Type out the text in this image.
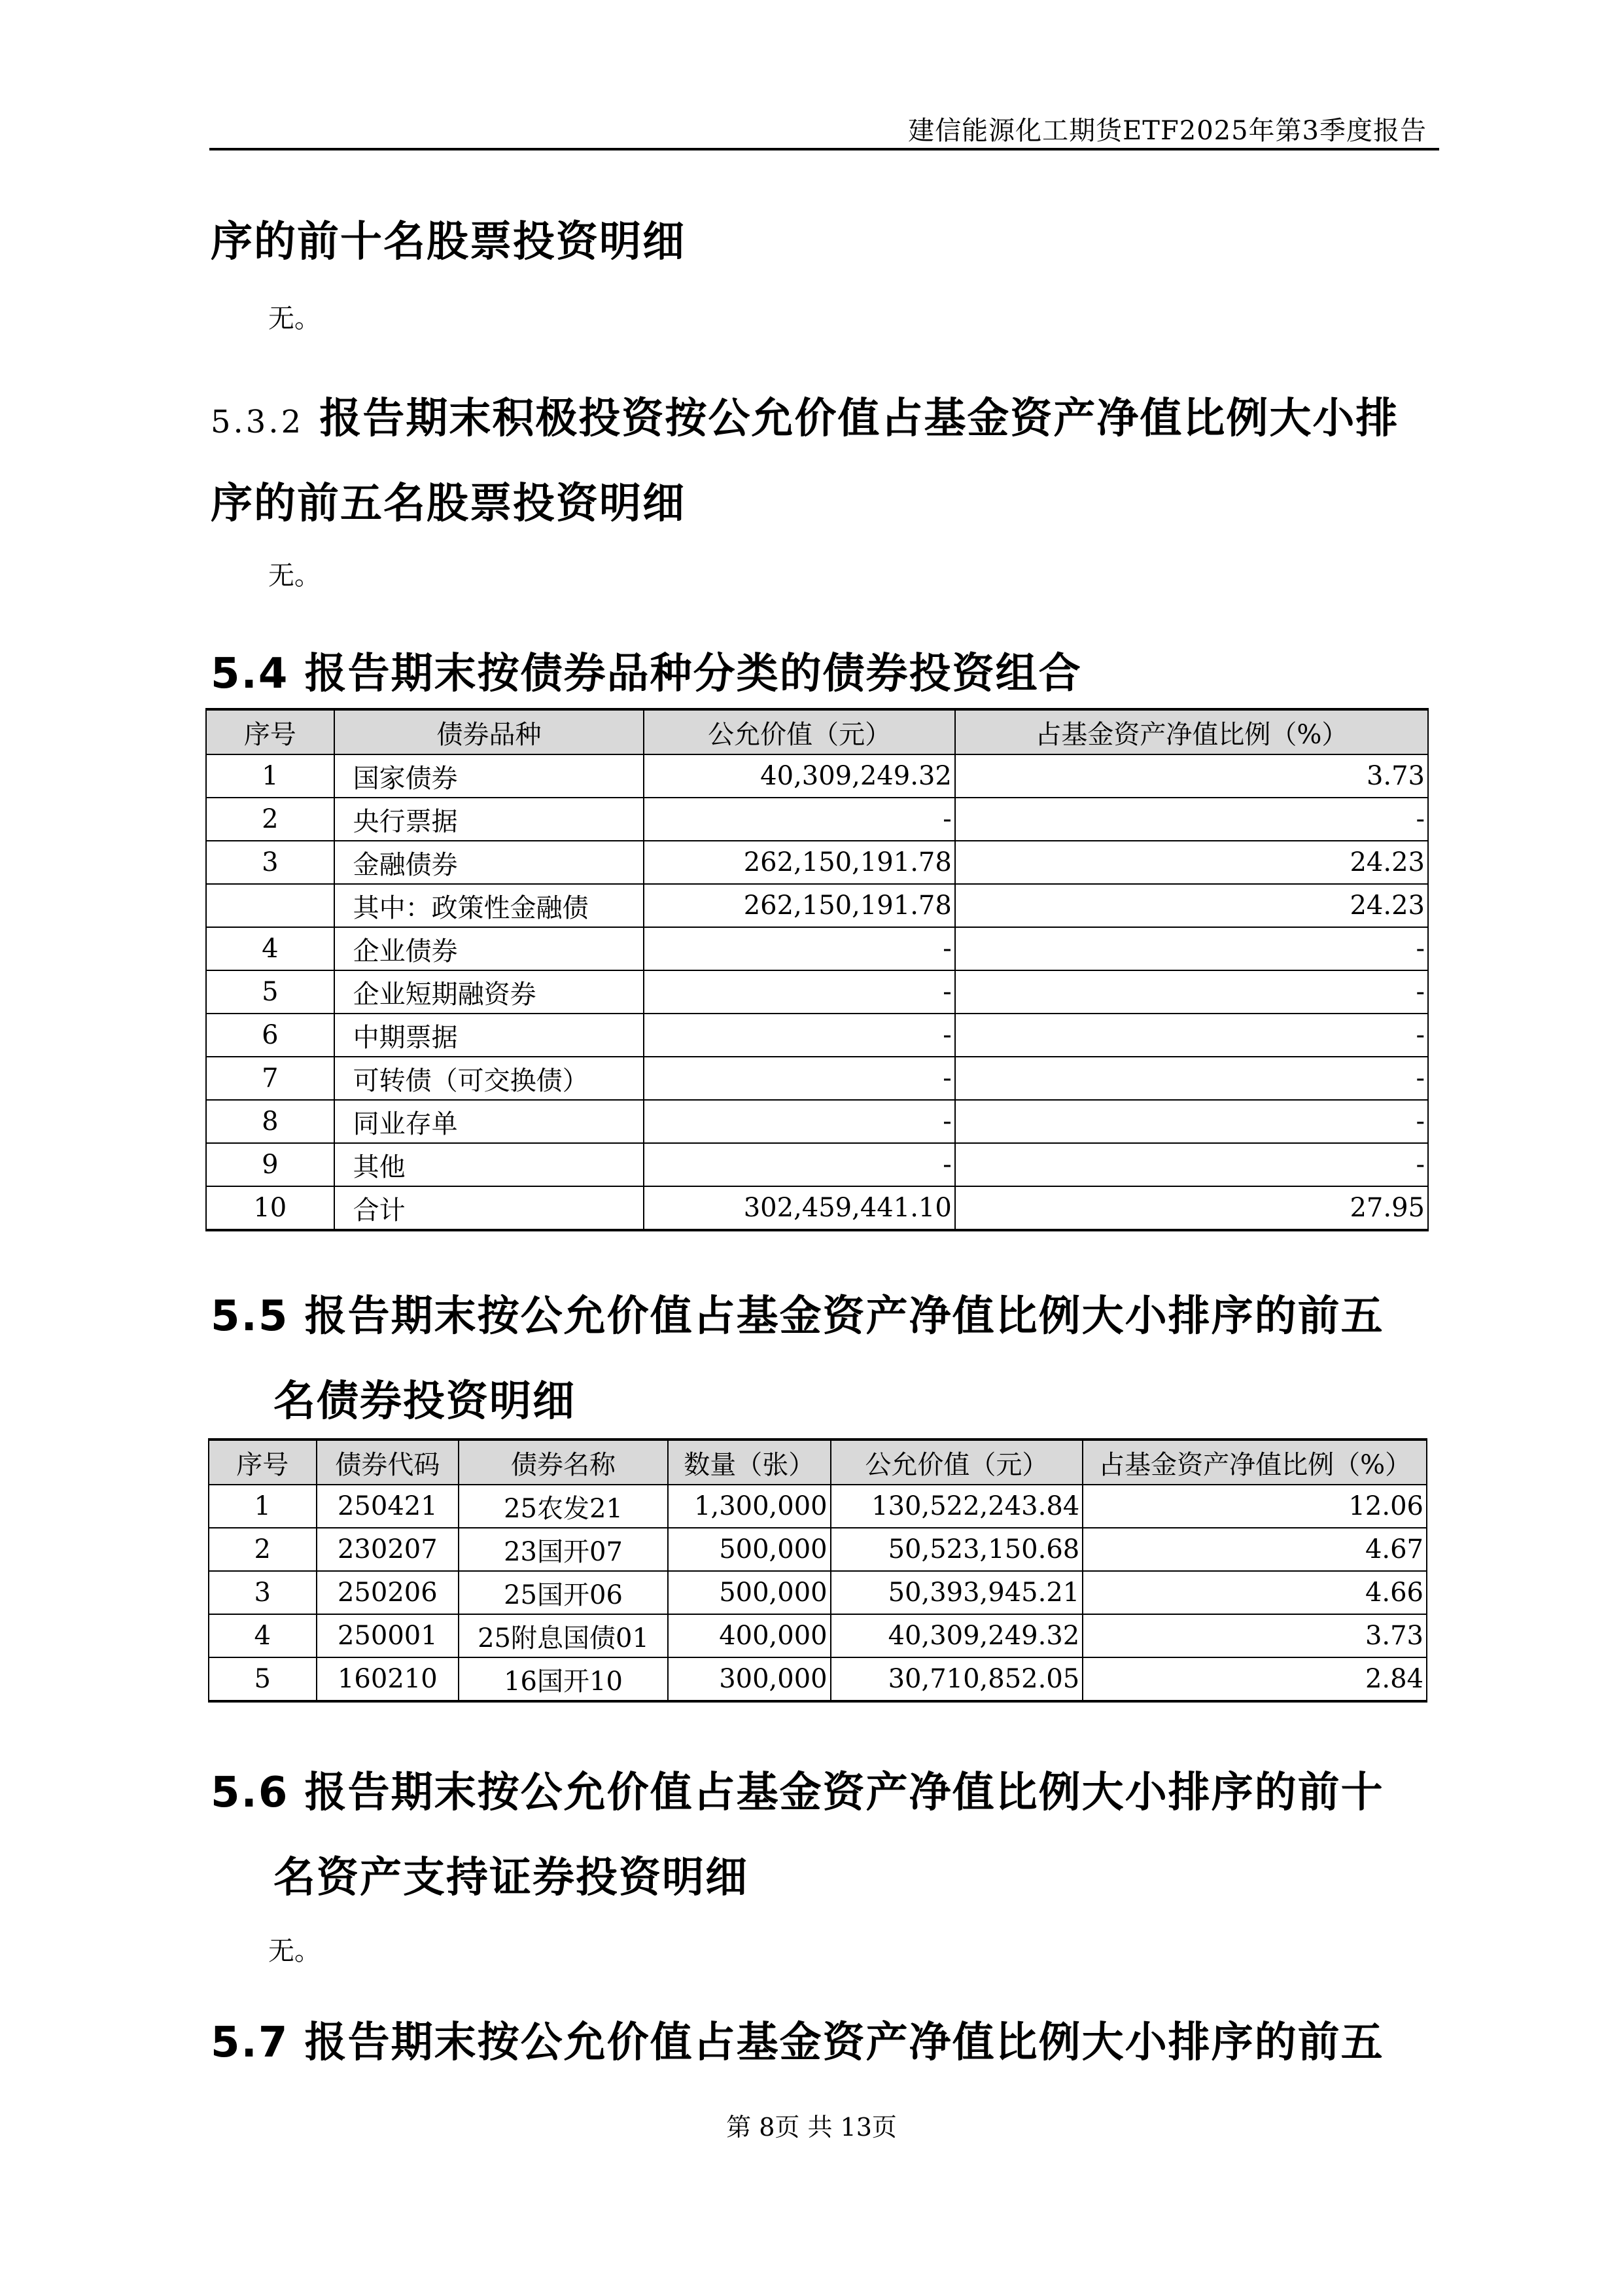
建信能源化工期货ETF2025年第3季度报告
序的前十名股票投资明细
无。
5.3.2 报告期末积极投资按公允价值占基金资产净值比例大小排
序的前五名股票投资明细
无。
5.4 报告期末按债券品种分类的债券投资组合
序号	债券品种	公允价值（元）	占基金资产净值比例（%）
1	国家债券	40,309,249.32	3.73
2	央行票据	-	-
3	金融债券	262,150,191.78	24.23
	其中：政策性金融债	262,150,191.78	24.23
4	企业债券	-	-
5	企业短期融资券	-	-
6	中期票据	-	-
7	可转债（可交换债）	-	-
8	同业存单	-	-
9	其他	-	-
10	合计	302,459,441.10	27.95
5.5 报告期末按公允价值占基金资产净值比例大小排序的前五
名债券投资明细
序号	债券代码	债券名称	数量（张）	公允价值（元）	占基金资产净值比例（%）
1	250421	25农发21	1,300,000	130,522,243.84	12.06
2	230207	23国开07	500,000	50,523,150.68	4.67
3	250206	25国开06	500,000	50,393,945.21	4.66
4	250001	25附息国债01	400,000	40,309,249.32	3.73
5	160210	16国开10	300,000	30,710,852.05	2.84
5.6 报告期末按公允价值占基金资产净值比例大小排序的前十
名资产支持证券投资明细
无。
5.7 报告期末按公允价值占基金资产净值比例大小排序的前五
第 8页 共 13页
